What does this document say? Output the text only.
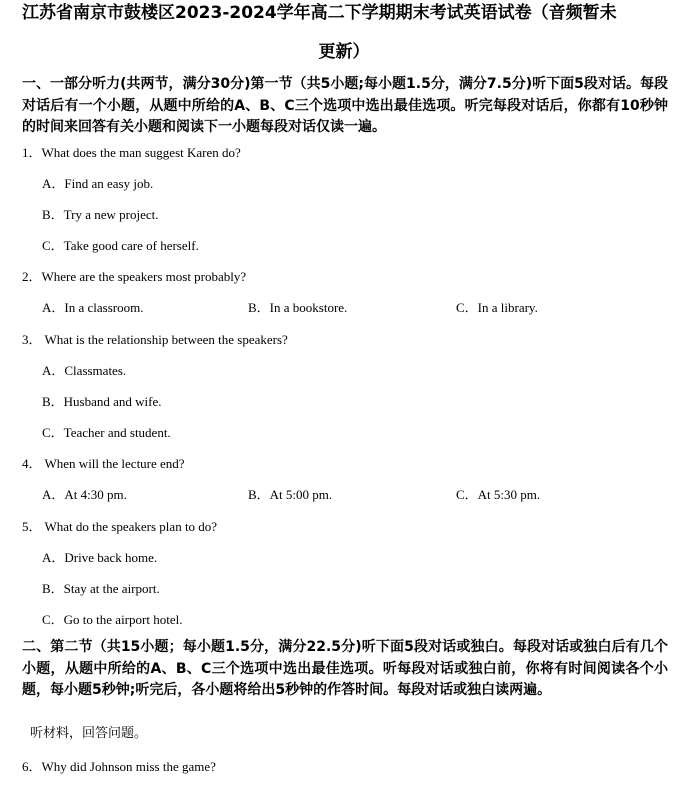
江苏省南京市鼓楼区2023-2024学年高二下学期期末考试英语试卷（音频暂未
更新）
一、一部分听力(共两节，满分30分)第一节（共5小题;每小题1.5分，满分7.5分)听下面5段对话。每段对话后有一个小题，从题中所给的A、B、C三个选项中选出最佳选项。听完每段对话后，你都有10秒钟的时间来回答有关小题和阅读下一小题每段对话仅读一遍。
1．What does the man suggest Karen do?
A．Find an easy job.
B．Try a new project.
C．Take good care of herself.
2．Where are the speakers most probably?
A．In a classroom.	B．In a bookstore.	C．In a library.
3． What is the relationship between the speakers?
A．Classmates.
B．Husband and wife.
C．Teacher and student.
4． When will the lecture end?
A．At 4:30 pm.	B．At 5:00 pm.	C．At 5:30 pm.
5． What do the speakers plan to do?
A．Drive back home.
B．Stay at the airport.
C．Go to the airport hotel.
二、第二节（共15小题；每小题1.5分，满分22.5分)听下面5段对话或独白。每段对话或独白后有几个小题，从题中所给的A、B、C三个选项中选出最佳选项。听每段对话或独白前，你将有时间阅读各个小题，每小题5秒钟;听完后，各小题将给出5秒钟的作答时间。每段对话或独白读两遍。
听材料，回答问题。
6．Why did Johnson miss the game?
